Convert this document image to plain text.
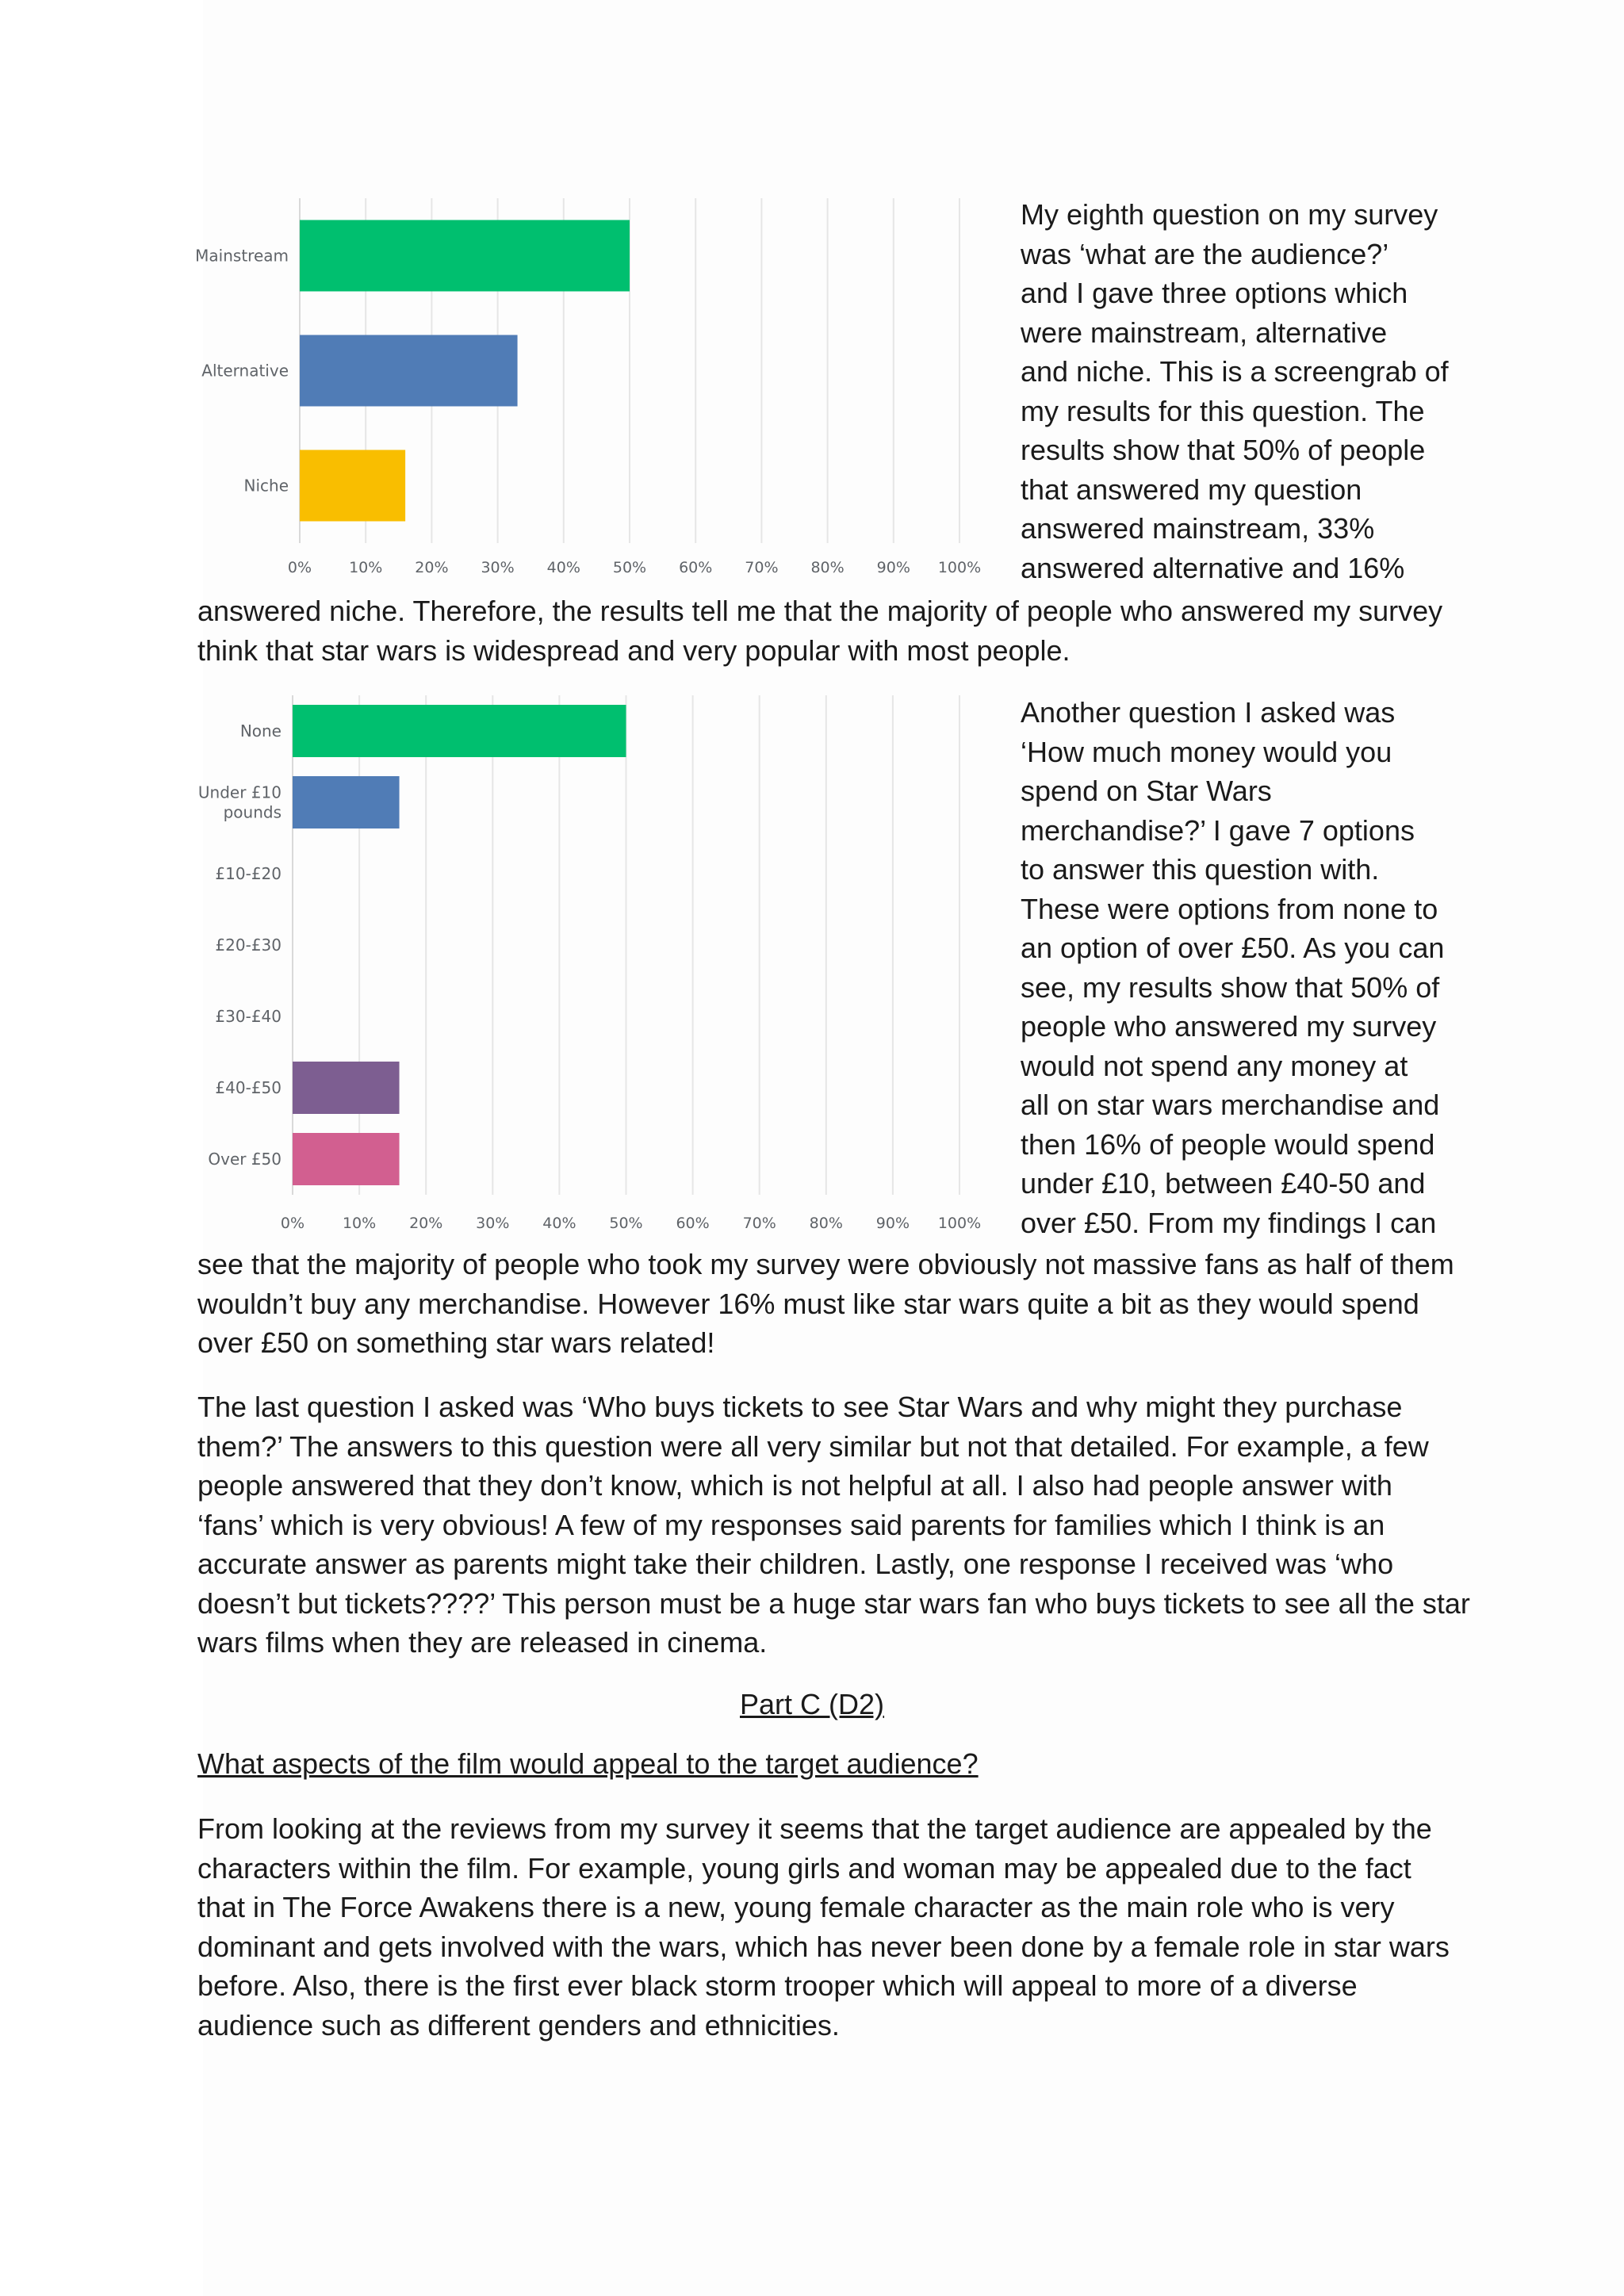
0% 10% 20% 30% 40% 50% 60% 70% 80% 90% 100%
Mainstream
Alternative
Niche

My eighth question on my survey

was ‘what are the audience?’

and I gave three options which

were mainstream, alternative

and niche. This is a screengrab of

my results for this question. The

results show that 50% of people

that answered my question

answered mainstream, 33%

answered alternative and 16%

answered niche. Therefore, the results tell me that the majority of people who answered my survey

think that star wars is widespread and very popular with most people.

0%	10% 20% 30% 40% 50% 60% 70% 80% 90% 100%
None
Under £10
pounds
£10-£20
£20-£30
£30-£40
£40-£50
Over £50

Another question I asked was

‘How much money would you

spend on Star Wars

merchandise?’ I gave 7 options

to answer this question with.

These were options from none to

an option of over £50. As you can

see, my results show that 50% of

people who answered my survey

would not spend any money at

all on star wars merchandise and

then 16% of people would spend

under £10, between £40-50 and

over £50. From my findings I can

see that the majority of people who took my survey were obviously not massive fans as half of them

wouldn’t buy any merchandise. However 16% must like star wars quite a bit as they would spend

over £50 on something star wars related!

The last question I asked was ‘Who buys tickets to see Star Wars and why might they purchase

them?’ The answers to this question were all very similar but not that detailed. For example, a few

people answered that they don’t know, which is not helpful at all. I also had people answer with

‘fans’ which is very obvious! A few of my responses said parents for families which I think is an

accurate answer as parents might take their children. Lastly, one response I received was ‘who

doesn’t but tickets????’ This person must be a huge star wars fan who buys tickets to see all the star

wars films when they are released in cinema.

Part C (D2)
What aspects of the film would appeal to the target audience?

From looking at the reviews from my survey it seems that the target audience are appealed by the

characters within the film. For example, young girls and woman may be appealed due to the fact

that in The Force Awakens there is a new, young female character as the main role who is very

dominant and gets involved with the wars, which has never been done by a female role in star wars

before. Also, there is the first ever black storm trooper which will appeal to more of a diverse

audience such as different genders and ethnicities.
